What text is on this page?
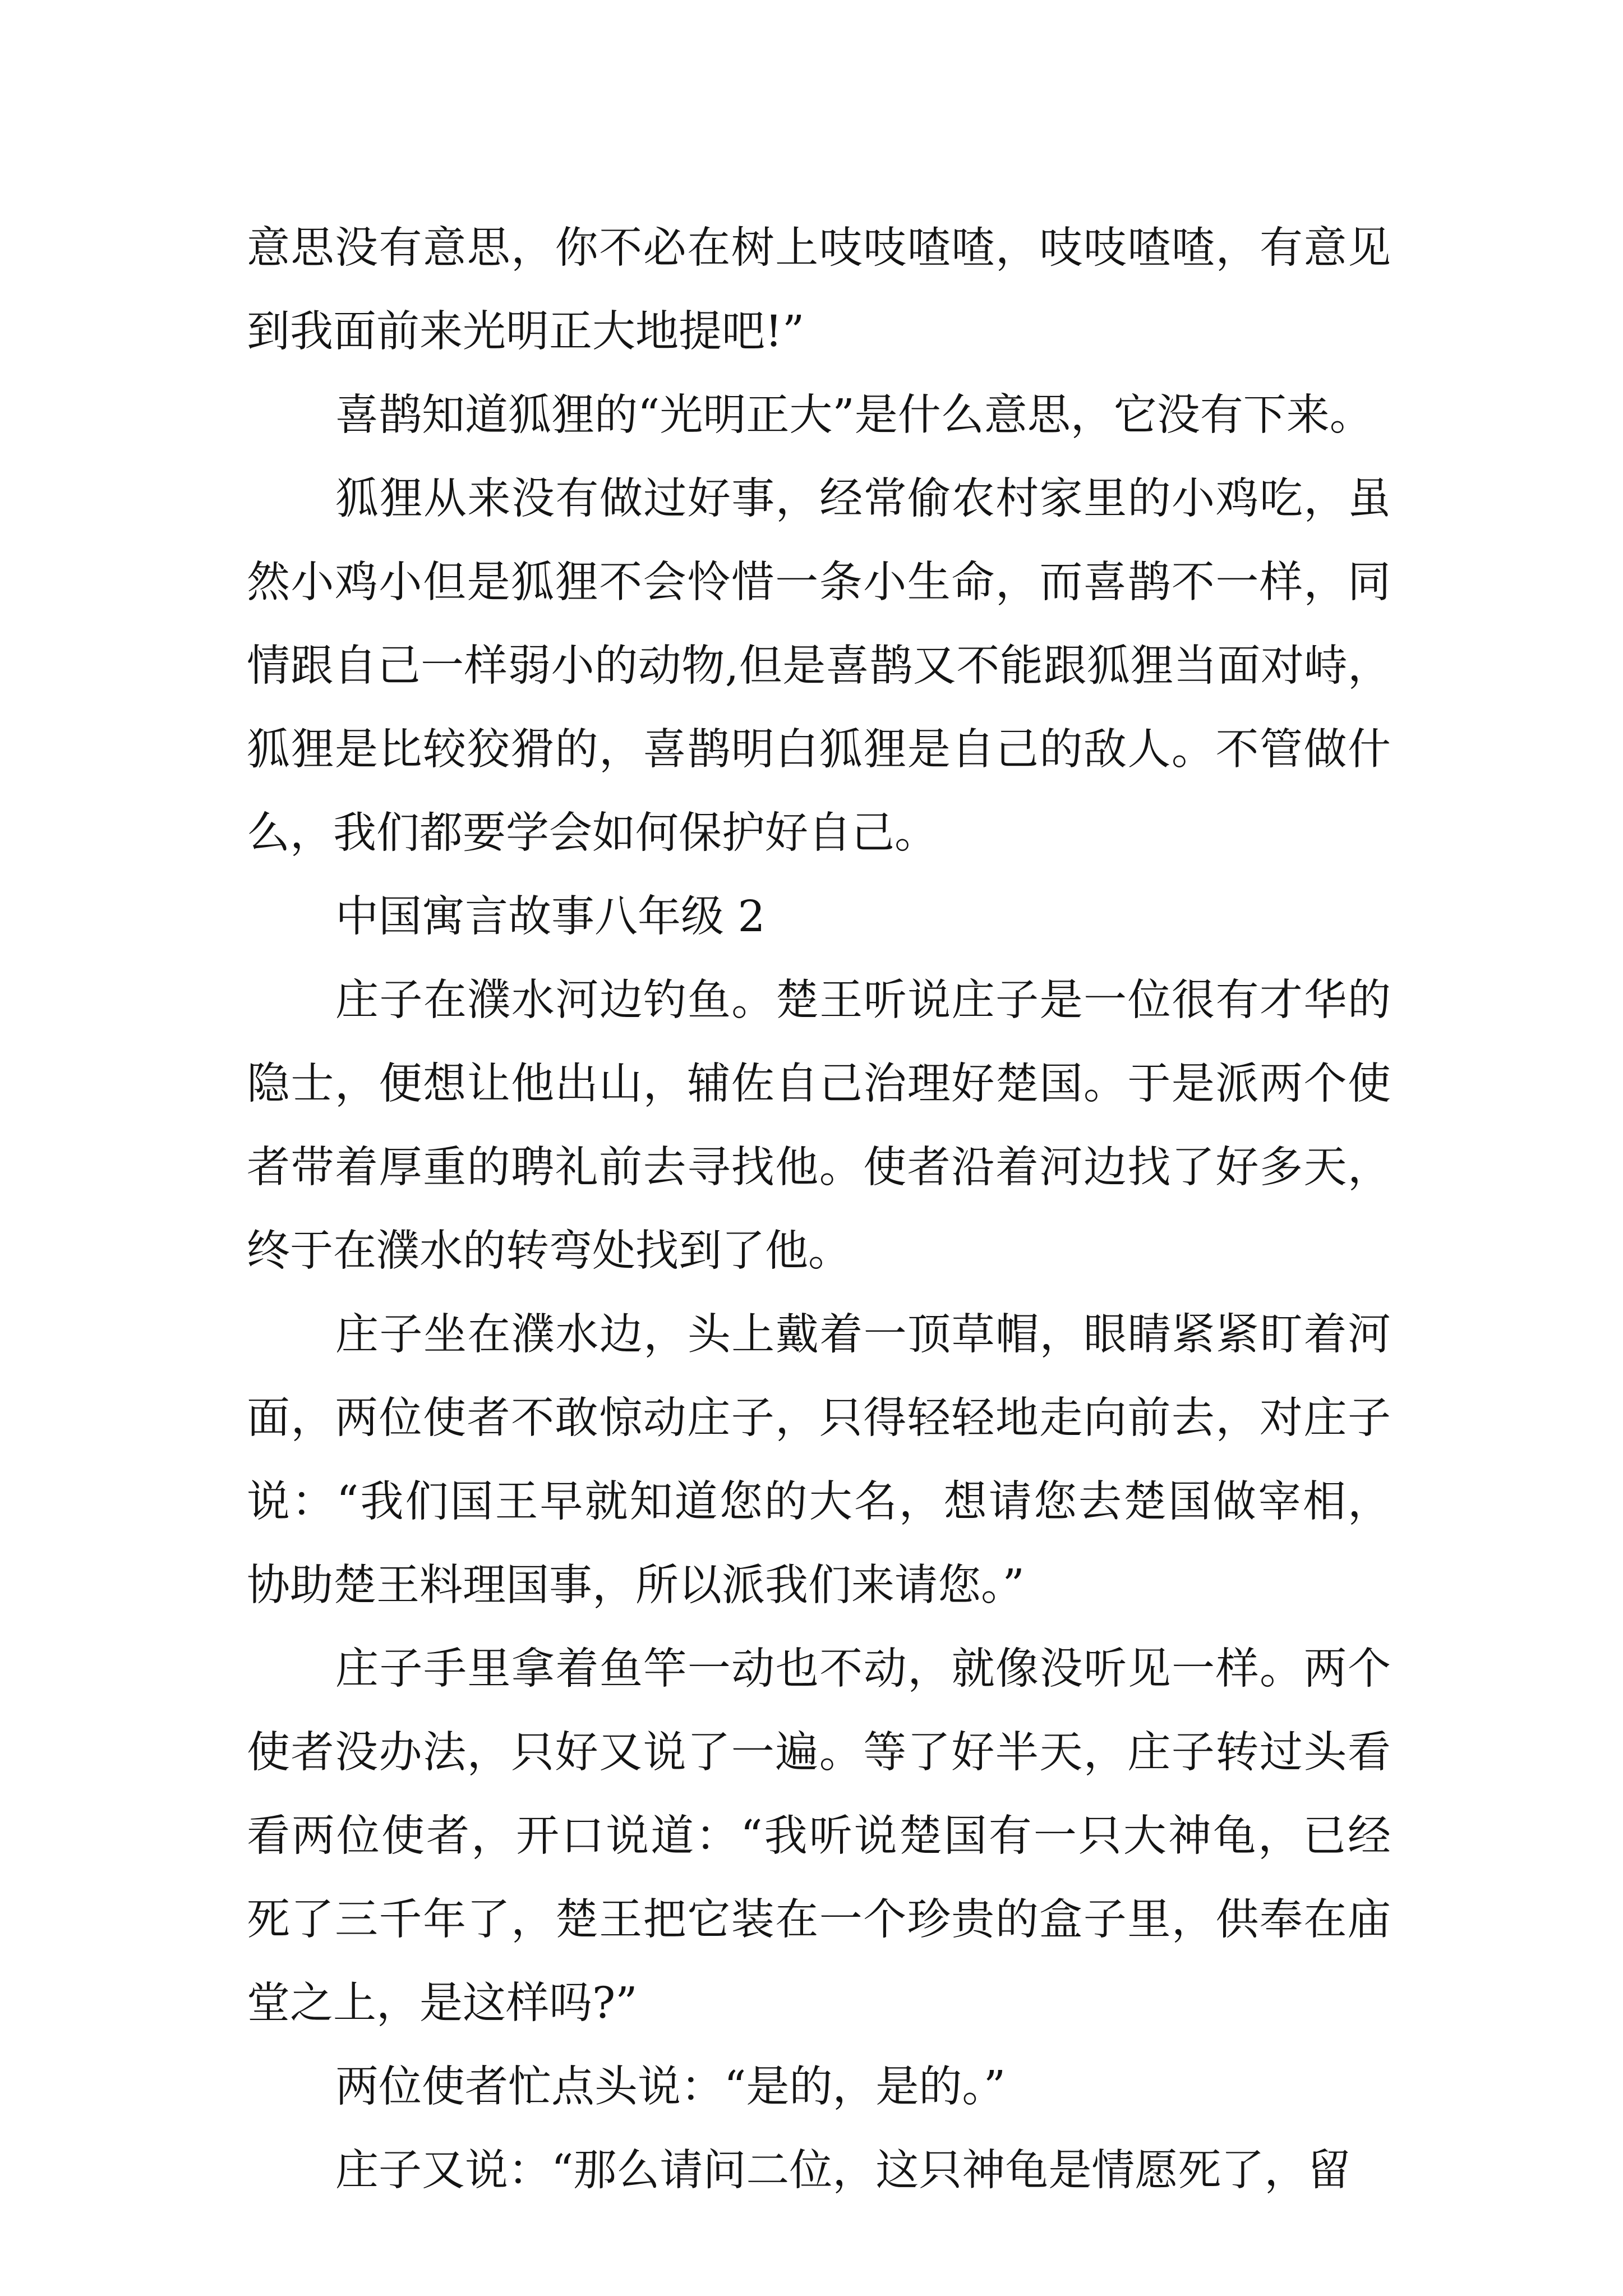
意思没有意思，你不必在树上吱吱喳喳，吱吱喳喳，有意见到我面前来光明正大地提吧!”

喜鹊知道狐狸的“光明正大”是什么意思，它没有下来。

狐狸从来没有做过好事，经常偷农村家里的小鸡吃，虽然小鸡小但是狐狸不会怜惜一条小生命，而喜鹊不一样，同情跟自己一样弱小的动物,但是喜鹊又不能跟狐狸当面对峙，狐狸是比较狡猾的，喜鹊明白狐狸是自己的敌人。不管做什么，我们都要学会如何保护好自己。

中国寓言故事八年级 2

庄子在濮水河边钓鱼。楚王听说庄子是一位很有才华的隐士，便想让他出山，辅佐自己治理好楚国。于是派两个使者带着厚重的聘礼前去寻找他。使者沿着河边找了好多天，终于在濮水的转弯处找到了他。

庄子坐在濮水边，头上戴着一顶草帽，眼睛紧紧盯着河面，两位使者不敢惊动庄子，只得轻轻地走向前去，对庄子说：“我们国王早就知道您的大名，想请您去楚国做宰相，协助楚王料理国事，所以派我们来请您。”

庄子手里拿着鱼竿一动也不动，就像没听见一样。两个使者没办法，只好又说了一遍。等了好半天，庄子转过头看看两位使者，开口说道：“我听说楚国有一只大神龟，已经死了三千年了，楚王把它装在一个珍贵的盒子里，供奉在庙堂之上，是这样吗?”

两位使者忙点头说：“是的，是的。”

庄子又说：“那么请问二位，这只神龟是情愿死了，留
